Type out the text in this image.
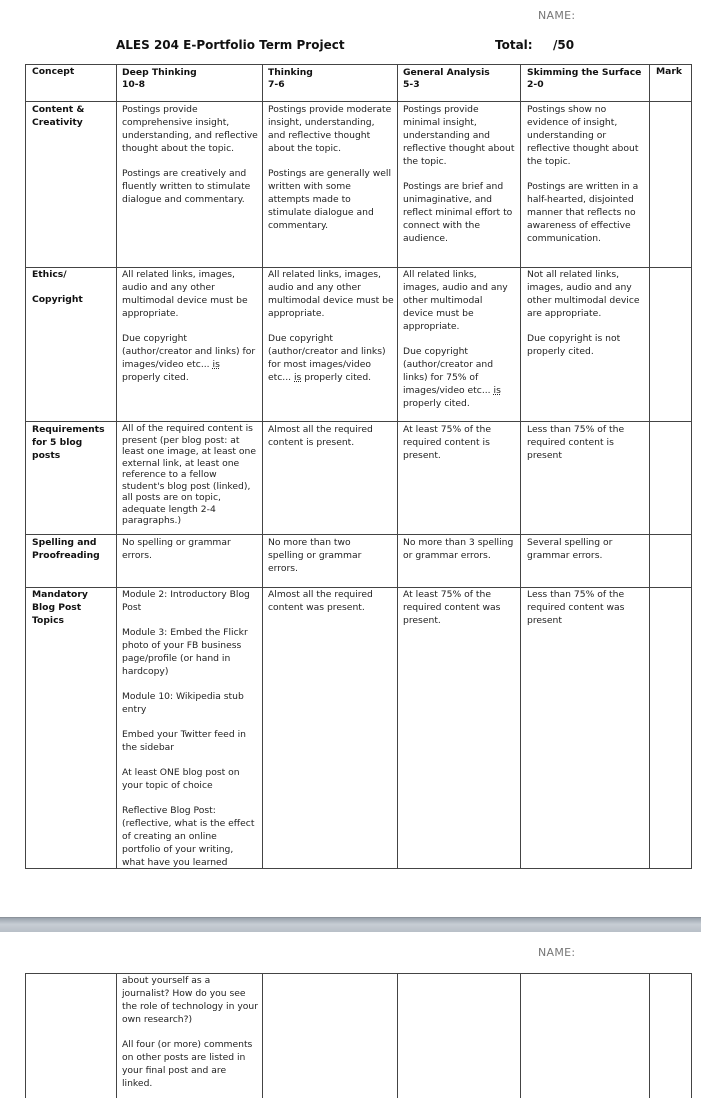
NAME:
ALES 204 E-Portfolio Term Project	Total: /50
Concept	Deep Thinking
10-8
Thinking
7-6
General Analysis
5-3
Skimming the Surface
2-0
Mark
Content & Creativity

Postings provide comprehensive insight, understanding, and reflective thought about the topic.

Postings are creatively and fluently written to stimulate dialogue and commentary.

Postings provide moderate insight, understanding, and reflective thought about the topic.

Postings are generally well written with some attempts made to stimulate dialogue and commentary.

Postings provide minimal insight, understanding and reflective thought about the topic.

Postings are brief and unimaginative, and reflect minimal effort to connect with the audience.

Postings show no evidence of insight, understanding or reflective thought about the topic.

Postings are written in a half-hearted, disjointed manner that reflects no awareness of effective communication.

Ethics/

Copyright

All related links, images, audio and any other multimodal device must be appropriate.

Due copyright (author/creator and links) for images/video etc... is properly cited.

All related links, images, audio and any other multimodal device must be appropriate.

Due copyright (author/creator and links) for most images/video etc... is properly cited.

All related links, images, audio and any other multimodal device must be appropriate.

Due copyright (author/creator and links) for 75% of images/video etc... is properly cited.

Not all related links, images, audio and any other multimodal device are appropriate.

Due copyright is not properly cited.

Requirements for 5 blog posts
All of the required content is present (per blog post: at least one image, at least one external link, at least one reference to a fellow student's blog post (linked), all posts are on topic, adequate length 2-4 paragraphs.)
Almost all the required content is present.
At least 75% of the required content is present.
Less than 75% of the required content is present
Spelling and Proofreading
No spelling or grammar errors.
No more than two spelling or grammar errors.
No more than 3 spelling or grammar errors.
Several spelling or grammar errors.
Mandatory Blog Post Topics

Module 2: Introductory Blog Post

Module 3: Embed the Flickr photo of your FB business page/profile (or hand in hardcopy)

Module 10: Wikipedia stub entry

Embed your Twitter feed in the sidebar

At least ONE blog post on your topic of choice

Reflective Blog Post: (reflective, what is the effect of creating an online portfolio of your writing, what have you learned

Almost all the required content was present.
At least 75% of the required content was present.
Less than 75% of the required content was present
NAME:

about yourself as a journalist? How do you see the role of technology in your own research?)

All four (or more) comments on other posts are listed in your final post and are linked.
